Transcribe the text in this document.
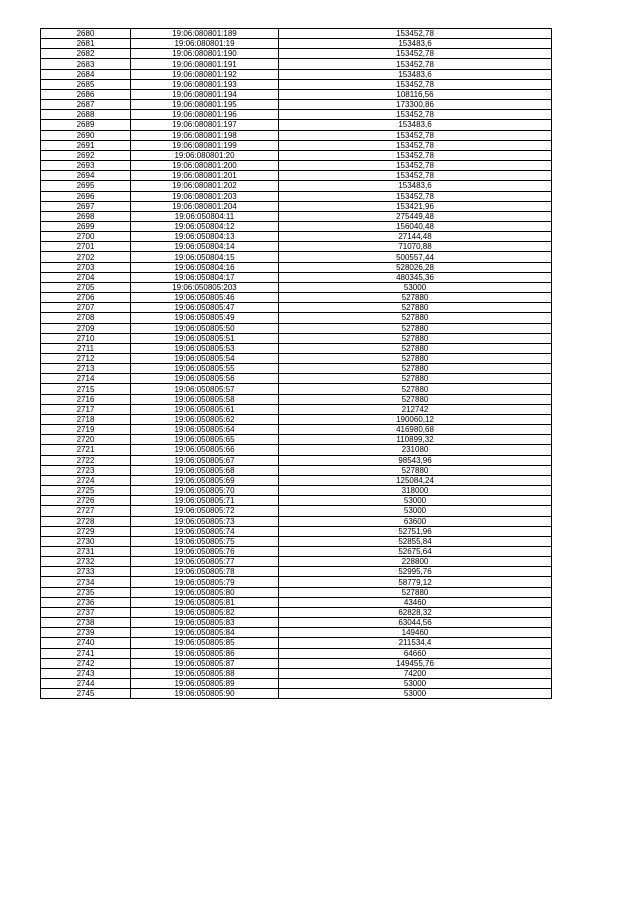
2680	19:06:080801:189	153452,78
2681	19:06:080801:19	153483,6
2682	19:06:080801:190	153452,78
2683	19:06:080801:191	153452,78
2684	19:06:080801:192	153483,6
2685	19:06:080801:193	153452,78
2686	19:06:080801:194	108116,56
2687	19:06:080801:195	173300,86
2688	19:06:080801:196	153452,78
2689	19:06:080801:197	153483,6
2690	19:06:080801:198	153452,78
2691	19:06:080801:199	153452,78
2692	19:06:080801:20	153452,78
2693	19:06:080801:200	153452,78
2694	19:06:080801:201	153452,78
2695	19:06:080801:202	153483,6
2696	19:06:080801:203	153452,78
2697	19:06:080801:204	153421,96
2698	19:06:050804:11	275449,48
2699	19:06:050804:12	156040,48
2700	19:06:050804:13	27144,48
2701	19:06:050804:14	71070,88
2702	19:06:050804:15	500557,44
2703	19:06:050804:16	528026,28
2704	19:06:050804:17	480345,36
2705	19:06:050805:203	53000
2706	19:06:050805:46	527880
2707	19:06:050805:47	527880
2708	19:06:050805:49	527880
2709	19:06:050805:50	527880
2710	19:06:050805:51	527880
2711	19:06:050805:53	527880
2712	19:06:050805:54	527880
2713	19:06:050805:55	527880
2714	19:06:050805:56	527880
2715	19:06:050805:57	527880
2716	19:06:050805:58	527880
2717	19:06:050805:61	212742
2718	19:06:050805:62	190060,12
2719	19:06:050805:64	416980,68
2720	19:06:050805:65	110899,32
2721	19:06:050805:66	231080
2722	19:06:050805:67	98543,96
2723	19:06:050805:68	527880
2724	19:06:050805:69	125084,24
2725	19:06:050805:70	318000
2726	19:06:050805:71	53000
2727	19:06:050805:72	53000
2728	19:06:050805:73	63600
2729	19:06:050805:74	52751,96
2730	19:06:050805:75	52855,84
2731	19:06:050805:76	52675,64
2732	19:06:050805:77	228800
2733	19:06:050805:78	52995,76
2734	19:06:050805:79	58779,12
2735	19:06:050805:80	527880
2736	19:06:050805:81	43460
2737	19:06:050805:82	62828,32
2738	19:06:050805:83	63044,56
2739	19:06:050805:84	149460
2740	19:06:050805:85	211534,4
2741	19:06:050805:86	64660
2742	19:06:050805:87	149455,76
2743	19:06:050805:88	74200
2744	19:06:050805:89	53000
2745	19:06:050805:90	53000
